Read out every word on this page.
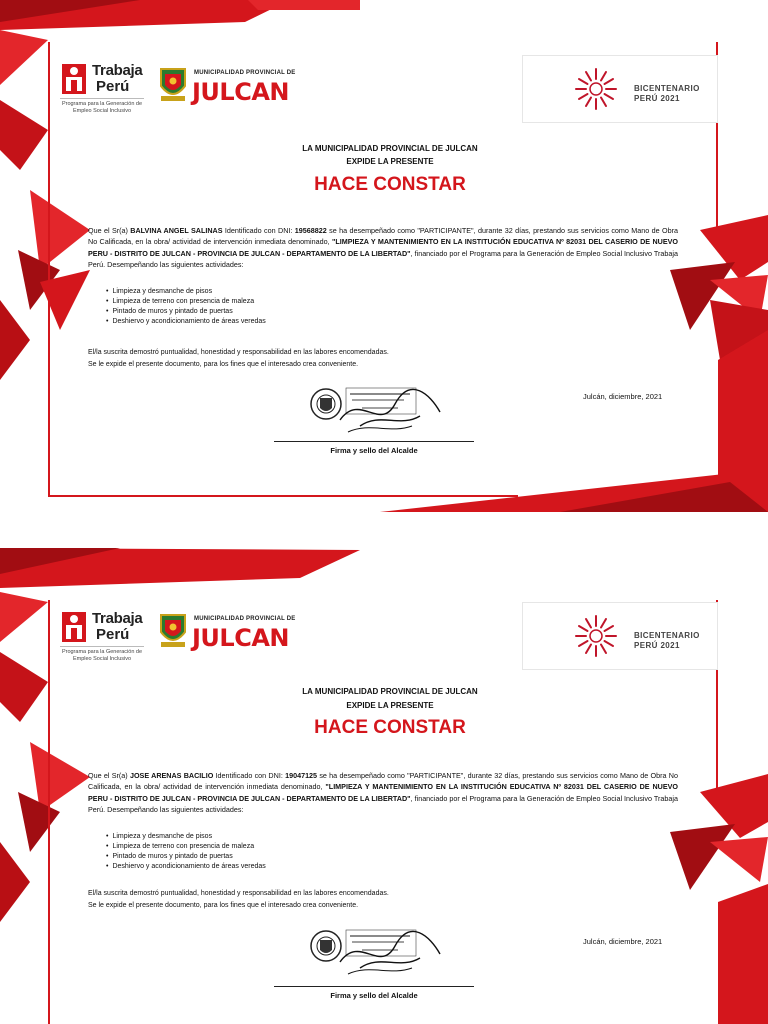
Trabaja
Perú
Programa para la Generación de Empleo Social Inclusivo
MUNICIPALIDAD PROVINCIAL DE
JULCAN	BICENTENARIO
PERÚ 2021
LA MUNICIPALIDAD PROVINCIAL DE JULCAN
EXPIDE LA PRESENTE
HACE CONSTAR
Que el Sr(a) BALVINA ANGEL SALINAS Identificado con DNI: 19568822 se ha desempeñado como "PARTICIPANTE", durante 32 días, prestando sus servicios como Mano de Obra No Calificada, en la obra/ actividad de intervención inmediata denominado, "LIMPIEZA Y MANTENIMIENTO EN LA INSTITUCIÓN EDUCATIVA Nº 82031 DEL CASERIO DE NUEVO PERU - DISTRITO DE JULCAN - PROVINCIA DE JULCAN - DEPARTAMENTO DE LA LIBERTAD", financiado por el Programa para la Generación de Empleo Social Inclusivo Trabaja Perú. Desempeñando las siguientes actividades:
• Limpieza y desmanche de pisos
• Limpieza de terreno con presencia de maleza
• Pintado de muros y pintado de puertas
• Deshiervo y acondicionamiento de áreas veredas
El/la suscrita demostró puntualidad, honestidad y responsabilidad en las labores encomendadas.
Se le expide el presente documento, para los fines que el interesado crea conveniente.
Julcán, diciembre, 2021
Firma y sello del Alcalde
Trabaja
Perú
Programa para la Generación de Empleo Social Inclusivo
MUNICIPALIDAD PROVINCIAL DE
JULCAN	BICENTENARIO
PERÚ 2021
LA MUNICIPALIDAD PROVINCIAL DE JULCAN
EXPIDE LA PRESENTE
HACE CONSTAR
Que el Sr(a) JOSE ARENAS BACILIO Identificado con DNI: 19047125 se ha desempeñado como "PARTICIPANTE", durante 32 días, prestando sus servicios como Mano de Obra No Calificada, en la obra/ actividad de intervención inmediata denominado, "LIMPIEZA Y MANTENIMIENTO EN LA INSTITUCIÓN EDUCATIVA Nº 82031 DEL CASERIO DE NUEVO PERU - DISTRITO DE JULCAN - PROVINCIA DE JULCAN - DEPARTAMENTO DE LA LIBERTAD", financiado por el Programa para la Generación de Empleo Social Inclusivo Trabaja Perú. Desempeñando las siguientes actividades:
• Limpieza y desmanche de pisos
• Limpieza de terreno con presencia de maleza
• Pintado de muros y pintado de puertas
• Deshiervo y acondicionamiento de áreas veredas
El/la suscrita demostró puntualidad, honestidad y responsabilidad en las labores encomendadas.
Se le expide el presente documento, para los fines que el interesado crea conveniente.
Julcán, diciembre, 2021
Firma y sello del Alcalde
